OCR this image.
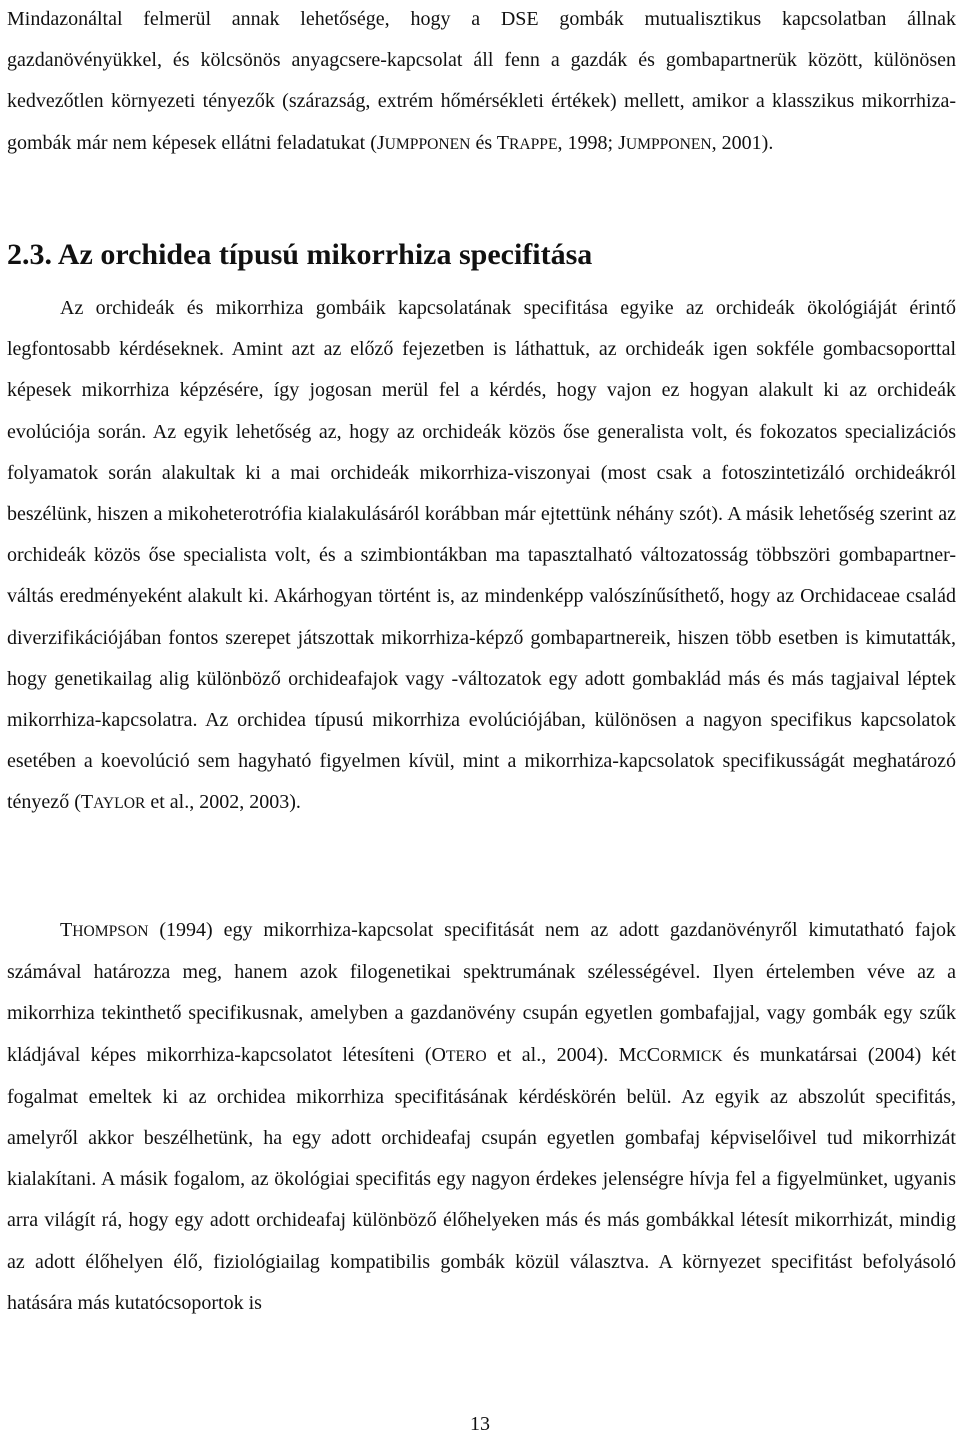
Mindazonáltal felmerül annak lehetősége, hogy a DSE gombák mutualisztikus kapcsolatban állnak gazdanövényükkel, és kölcsönös anyagcsere-kapcsolat áll fenn a gazdák és gombapartnerük között, különösen kedvezőtlen környezeti tényezők (szárazság, extrém hőmérsékleti értékek) mellett, amikor a klasszikus mikorrhiza-gombák már nem képesek ellátni feladatukat (JUMPPONEN és TRAPPE, 1998; JUMPPONEN, 2001).

2.3. Az orchidea típusú mikorrhiza specifitása

Az orchideák és mikorrhiza gombáik kapcsolatának specifitása egyike az orchideák ökológiáját érintő legfontosabb kérdéseknek. Amint azt az előző fejezetben is láthattuk, az orchideák igen sokféle gombacsoporttal képesek mikorrhiza képzésére, így jogosan merül fel a kérdés, hogy vajon ez hogyan alakult ki az orchideák evolúciója során. Az egyik lehetőség az, hogy az orchideák közös őse generalista volt, és fokozatos specializációs folyamatok során alakultak ki a mai orchideák mikorrhiza-viszonyai (most csak a fotoszintetizáló orchideákról beszélünk, hiszen a mikoheterotrófia kialakulásáról korábban már ejtettünk néhány szót). A másik lehetőség szerint az orchideák közös őse specialista volt, és a szimbiontákban ma tapasztalható változatosság többszöri gombapartner-váltás eredményeként alakult ki. Akárhogyan történt is, az mindenképp valószínűsíthető, hogy az Orchidaceae család diverzifikációjában fontos szerepet játszottak mikorrhiza-képző gombapartnereik, hiszen több esetben is kimutatták, hogy genetikailag alig különböző orchideafajok vagy -változatok egy adott gombaklád más és más tagjaival léptek mikorrhiza-kapcsolatra. Az orchidea típusú mikorrhiza evolúciójában, különösen a nagyon specifikus kapcsolatok esetében a koevolúció sem hagyható figyelmen kívül, mint a mikorrhiza-kapcsolatok specifikusságát meghatározó tényező (TAYLOR et al., 2002, 2003).

THOMPSON (1994) egy mikorrhiza-kapcsolat specifitását nem az adott gazdanövényről kimutatható fajok számával határozza meg, hanem azok filogenetikai spektrumának szélességével. Ilyen értelemben véve az a mikorrhiza tekinthető specifikusnak, amelyben a gazdanövény csupán egyetlen gombafajjal, vagy gombák egy szűk kládjával képes mikorrhiza-kapcsolatot létesíteni (OTERO et al., 2004). MCCORMICK és munkatársai (2004) két fogalmat emeltek ki az orchidea mikorrhiza specifitásának kérdéskörén belül. Az egyik az abszolút specifitás, amelyről akkor beszélhetünk, ha egy adott orchideafaj csupán egyetlen gombafaj képviselőivel tud mikorrhizát kialakítani. A másik fogalom, az ökológiai specifitás egy nagyon érdekes jelenségre hívja fel a figyelmünket, ugyanis arra világít rá, hogy egy adott orchideafaj különböző élőhelyeken más és más gombákkal létesít mikorrhizát, mindig az adott élőhelyen élő, fiziológiailag kompatibilis gombák közül választva. A környezet specifitást befolyásoló hatására más kutatócsoportok is

13
